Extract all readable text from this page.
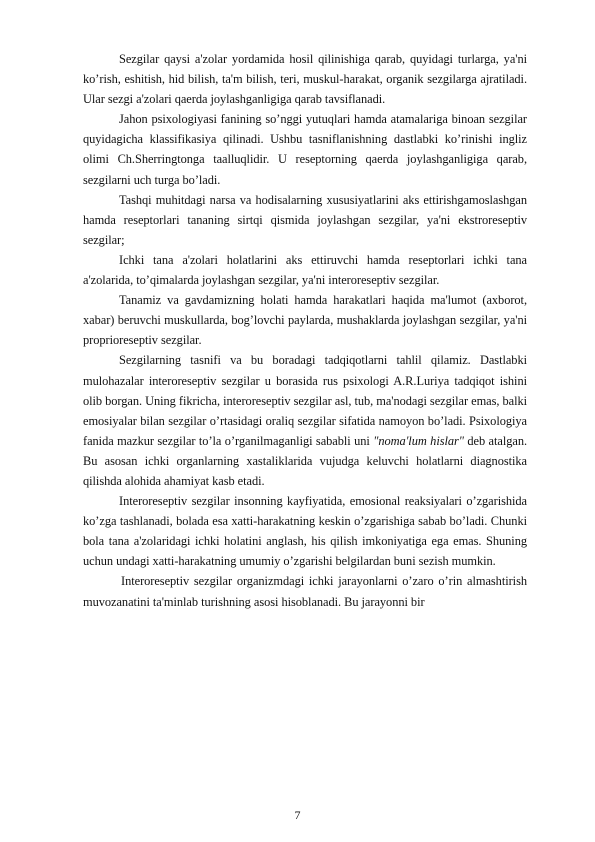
Sezgilar qaysi a'zolar yordamida hosil qilinishiga qarab, quyidagi turlarga, ya'ni ko’rish, eshitish, hid bilish, ta'm bilish, teri, muskul-harakat, organik sezgilarga ajratiladi. Ular sezgi a'zolari qaerda joylashganligiga qarab tavsiflanadi.

Jahon psixologiyasi fanining so’nggi yutuqlari hamda atamalariga binoan sezgilar quyidagicha klassifikasiya qilinadi. Ushbu tasniflanishning dastlabki ko’rinishi ingliz olimi Ch.Sherringtonga taalluqlidir. U reseptorning qaerda joylashganligiga qarab, sezgilarni uch turga bo’ladi.

Tashqi muhitdagi narsa va hodisalarning xususiyatlarini aks ettirishgamoslashgan hamda reseptorlari tananing sirtqi qismida joylashgan sezgilar, ya'ni ekstroreseptiv sezgilar;

Ichki tana a'zolari holatlarini aks ettiruvchi hamda reseptorlari ichki tana a'zolarida, to’qimalarda joylashgan sezgilar, ya'ni interoreseptiv sezgilar.

Tanamiz va gavdamizning holati hamda harakatlari haqida ma'lumot (axborot, xabar) beruvchi muskullarda, bog’lovchi paylarda, mushaklarda joylashgan sezgilar, ya'ni proprioreseptiv sezgilar.

Sezgilarning tasnifi va bu boradagi tadqiqotlarni tahlil qilamiz. Dastlabki mulohazalar interoreseptiv sezgilar u borasida rus psixologi A.R.Luriya tadqiqot ishini olib borgan. Uning fikricha, interoreseptiv sezgilar asl, tub, ma'nodagi sezgilar emas, balki emosiyalar bilan sezgilar o’rtasidagi oraliq sezgilar sifatida namoyon bo’ladi. Psixologiya fanida mazkur sezgilar to’la o’rganilmaganligi sababli uni "noma'lum hislar" deb atalgan. Bu asosan ichki organlarning xastaliklarida vujudga keluvchi holatlarni diagnostika qilishda alohida ahamiyat kasb etadi.

Interoreseptiv sezgilar insonning kayfiyatida, emosional reaksiyalari o’zgarishida ko’zga tashlanadi, bolada esa xatti-harakatning keskin o’zgarishiga sabab bo’ladi. Chunki bola tana a'zolaridagi ichki holatini anglash, his qilish imkoniyatiga ega emas. Shuning uchun undagi xatti-harakatning umumiy o’zgarishi belgilardan buni sezish mumkin.

Interoreseptiv sezgilar organizmdagi ichki jarayonlarni o’zaro o’rin almashtirish muvozanatini ta'minlab turishning asosi hisoblanadi. Bu jarayonni bir

7
